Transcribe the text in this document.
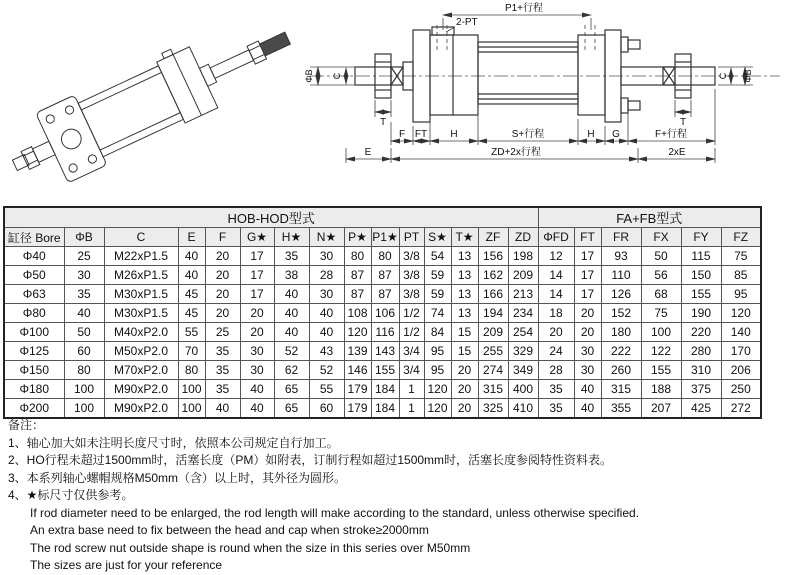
P1+行程
2-PT
ΦB C
T	T
C ΦB
F FT H	S+行程	H G	F+行程
E	ZD+2x行程	2xE
HOB-HOD型式															FA+FB型式					
缸径 Bore	ΦB	C	E	F	G★	H★	N★	P★	P1★	PT	S★	T★	ZF	ZD	ΦFD	FT	FR	FX	FY	FZ
Φ40	25	M22xP1.5	40	20	17	35	30	80	80	3/8	54	13	156	198	12	17	93	50	115	75
Φ50	30	M26xP1.5	40	20	17	38	28	87	87	3/8	59	13	162	209	14	17	110	56	150	85
Φ63	35	M30xP1.5	45	20	17	40	30	87	87	3/8	59	13	166	213	14	17	126	68	155	95
Φ80	40	M30xP1.5	45	20	20	40	40	108	106	1/2	74	13	194	234	18	20	152	75	190	120
Φ100	50	M40xP2.0	55	25	20	40	40	120	116	1/2	84	15	209	254	20	20	180	100	220	140
Φ125	60	M50xP2.0	70	35	30	52	43	139	143	3/4	95	15	255	329	24	30	222	122	280	170
Φ150	80	M70xP2.0	80	35	30	62	52	146	155	3/4	95	20	274	349	28	30	260	155	310	206
Φ180	100	M90xP2.0	100	35	40	65	55	179	184	1	120	20	315	400	35	40	315	188	375	250
Φ200	100	M90xP2.0	100	40	40	65	60	179	184	1	120	20	325	410	35	40	355	207	425	272
备注：
1、轴心加大如未注明长度尺寸时，依照本公司规定自行加工。
2、HO行程未超过1500mm时，活塞长度（PM）如附表，订制行程如超过1500mm时，活塞长度参阅特性资料表。
3、本系列轴心螺帽规格M50mm（含）以上时，其外径为圆形。
4、★标尺寸仅供参考。
If rod diameter need to be enlarged, the rod length will make according to the standard, unless otherwise specified.
An extra base need to fix between the head and cap when stroke≥2000mm
The rod screw nut outside shape is round when the size in this series over M50mm
The sizes are just for your reference
